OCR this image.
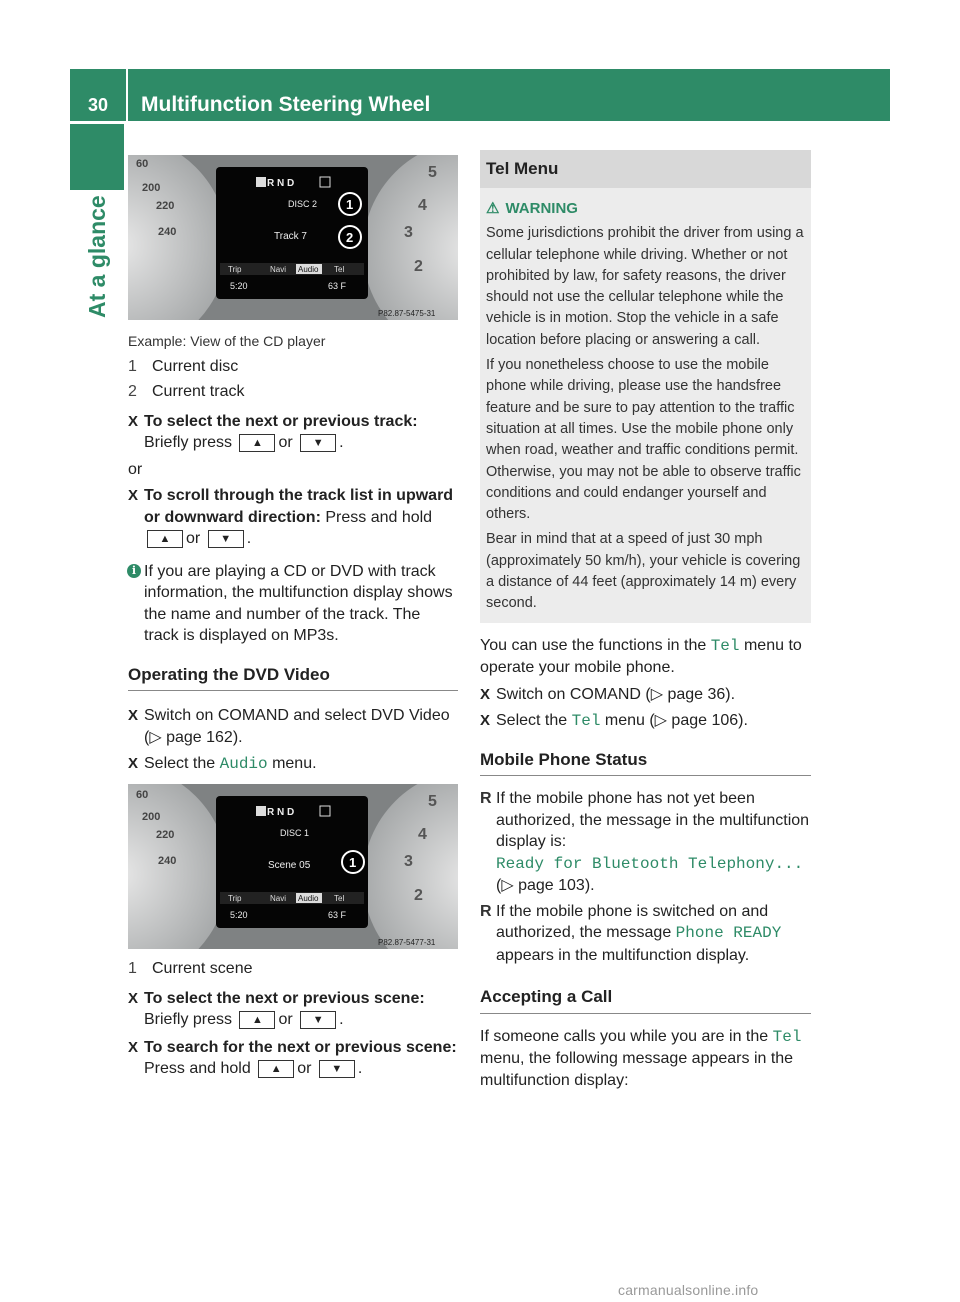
30	Multifunction Steering Wheel
At a glance
60
200
220
240
5
4
3
2
R N D
DISC 2
Track 7
1
2
Trip	Navi Audio Tel
5:20	63 F
P82.87-5475-31

Example: View of the CD player

1 Current disc
2 Current track
X To select the next or previous track:
Briefly press ▲ or ▼ .

or

X To scroll through the track list in upward or downward direction: Press and hold ▲ or ▼ .
i If you are playing a CD or DVD with track information, the multifunction display shows the name and number of the track. The track is displayed on MP3s.

Operating the DVD Video

X Switch on COMAND and select DVD Video (▷ page 162).
X Select the Audio menu.
60
200
220
240
5
4
3
2
R N D
DISC 1
Scene 05	1
Trip	Navi Audio Tel
5:20	63 F
P82.87-5477-31
1 Current scene
X To select the next or previous scene:
Briefly press ▲ or ▼ .
X To search for the next or previous scene: Press and hold ▲ or ▼ .
Tel Menu

⚠ WARNING

Some jurisdictions prohibit the driver from using a cellular telephone while driving. Whether or not prohibited by law, for safety reasons, the driver should not use the cellular telephone while the vehicle is in motion. Stop the vehicle in a safe location before placing or answering a call.

If you nonetheless choose to use the mobile phone while driving, please use the handsfree feature and be sure to pay attention to the traffic situation at all times. Use the mobile phone only when road, weather and traffic conditions permit. Otherwise, you may not be able to observe traffic conditions and could endanger yourself and others.

Bear in mind that at a speed of just 30 mph (approximately 50 km/h), your vehicle is covering a distance of 44 feet (approximately 14 m) every second.

You can use the functions in the Tel menu to operate your mobile phone.

X Switch on COMAND (▷ page 36).
X Select the Tel menu (▷ page 106).

Mobile Phone Status

R If the mobile phone has not yet been authorized, the message in the multifunction display is:
Ready for Bluetooth Telephony...
(▷ page 103).
R If the mobile phone is switched on and authorized, the message Phone READY appears in the multifunction display.

Accepting a Call

If someone calls you while you are in the Tel menu, the following message appears in the multifunction display:

carmanualsonline.info
